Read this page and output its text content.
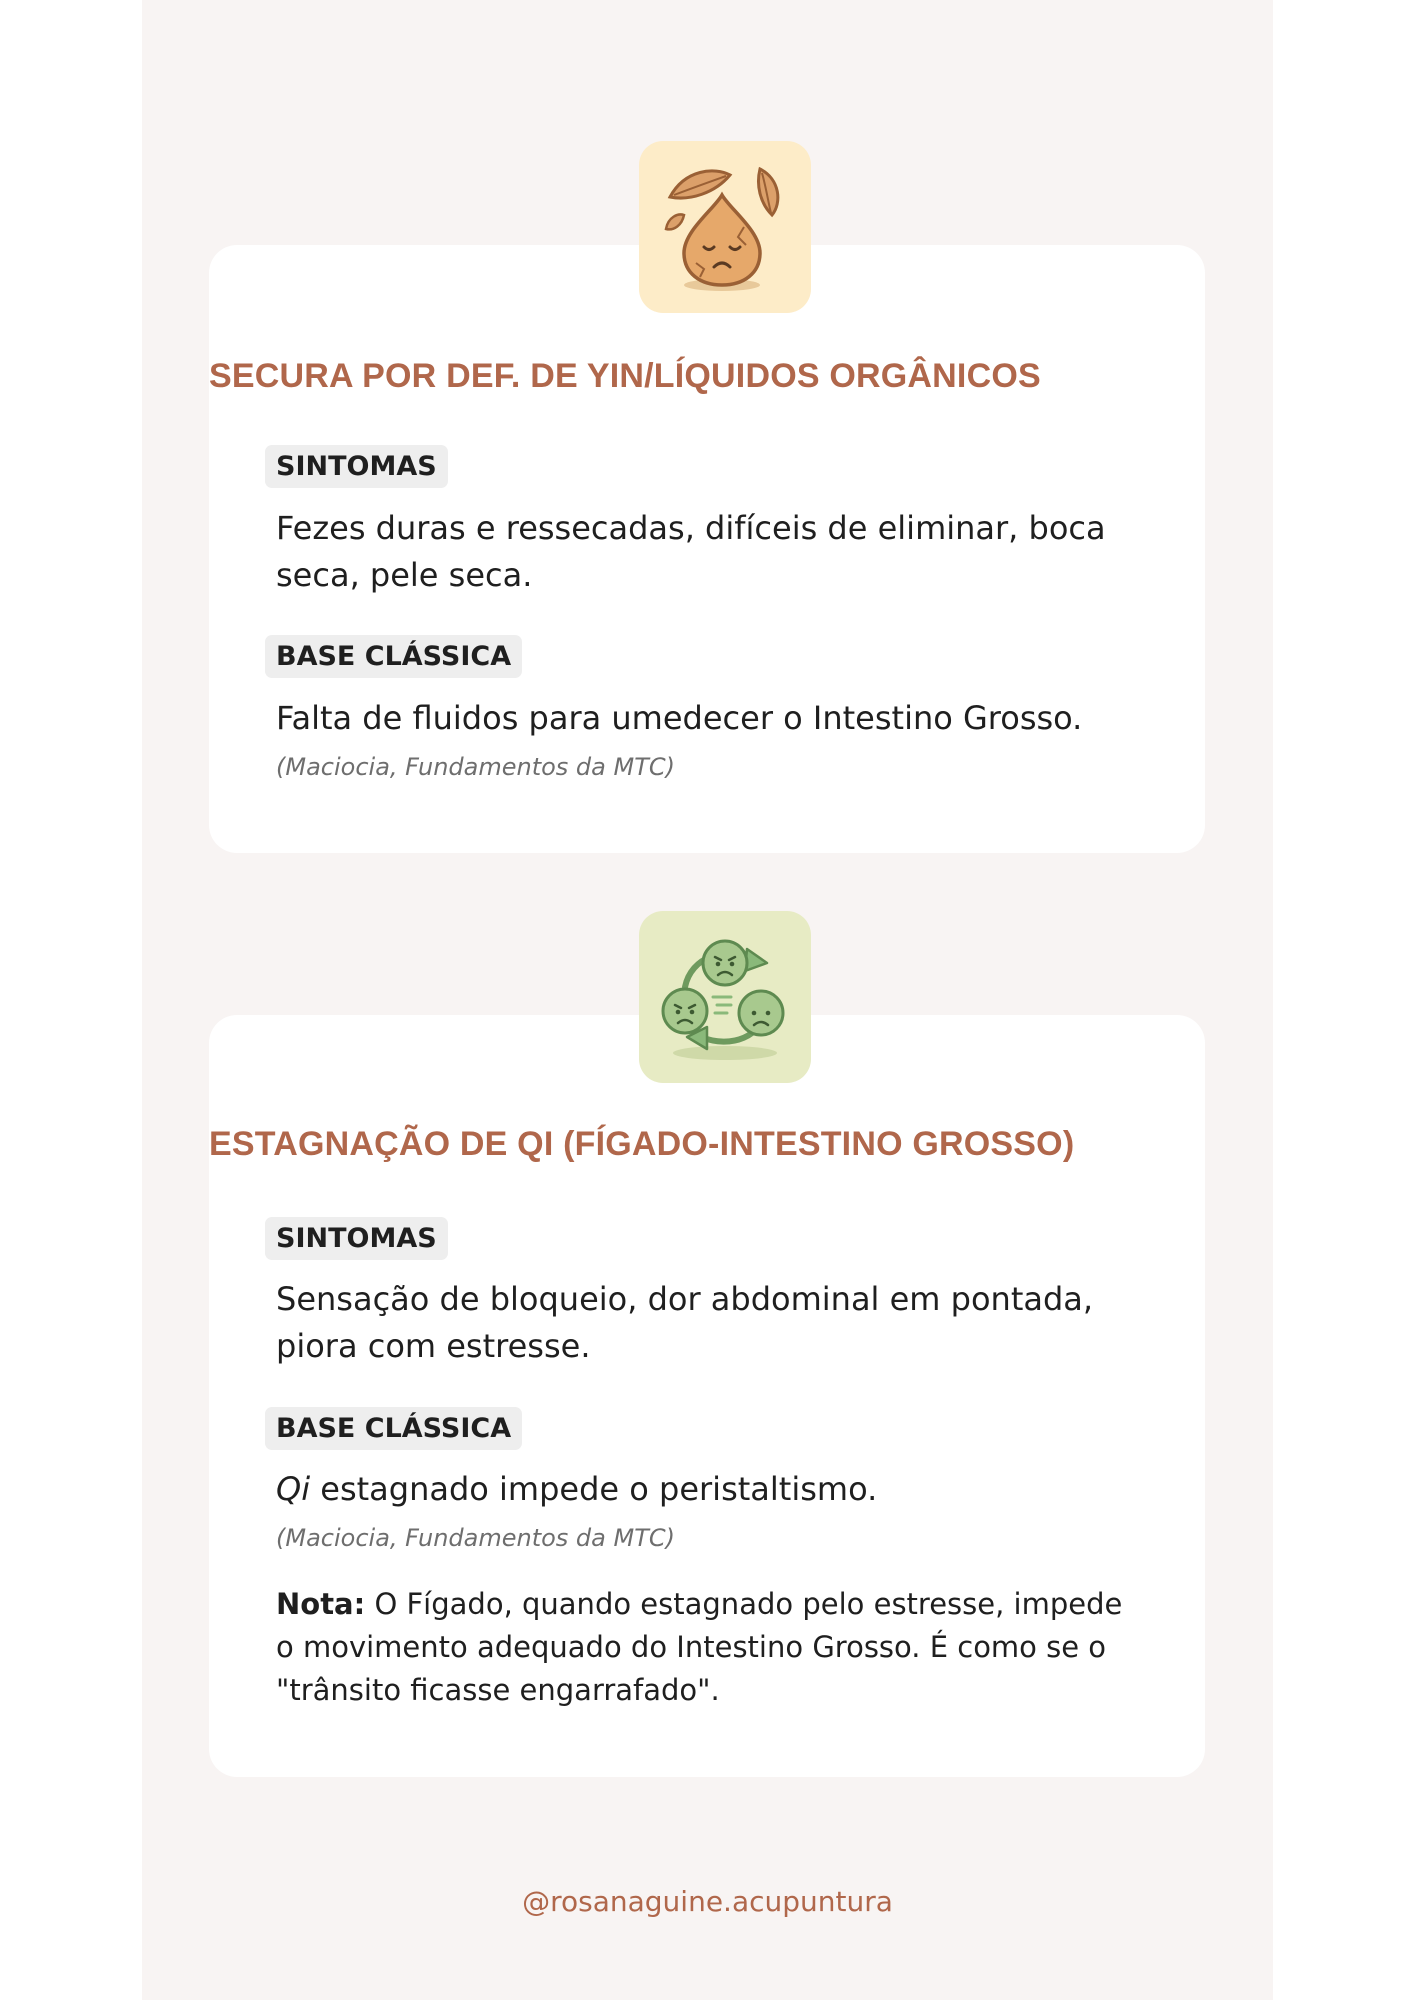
SECURA POR DEF. DE YIN/LÍQUIDOS ORGÂNICOS
SINTOMAS

Fezes duras e ressecadas, difíceis de eliminar, boca seca, pele seca.

BASE CLÁSSICA

Falta de fluidos para umedecer o Intestino Grosso.

(Maciocia, Fundamentos da MTC)

ESTAGNAÇÃO DE QI (FÍGADO-INTESTINO GROSSO)
SINTOMAS

Sensação de bloqueio, dor abdominal em pontada, piora com estresse.

BASE CLÁSSICA

Qi estagnado impede o peristaltismo.

(Maciocia, Fundamentos da MTC)

Nota: O Fígado, quando estagnado pelo estresse, impede o movimento adequado do Intestino Grosso. É como se o "trânsito ficasse engarrafado".

@rosanaguine.acupuntura
